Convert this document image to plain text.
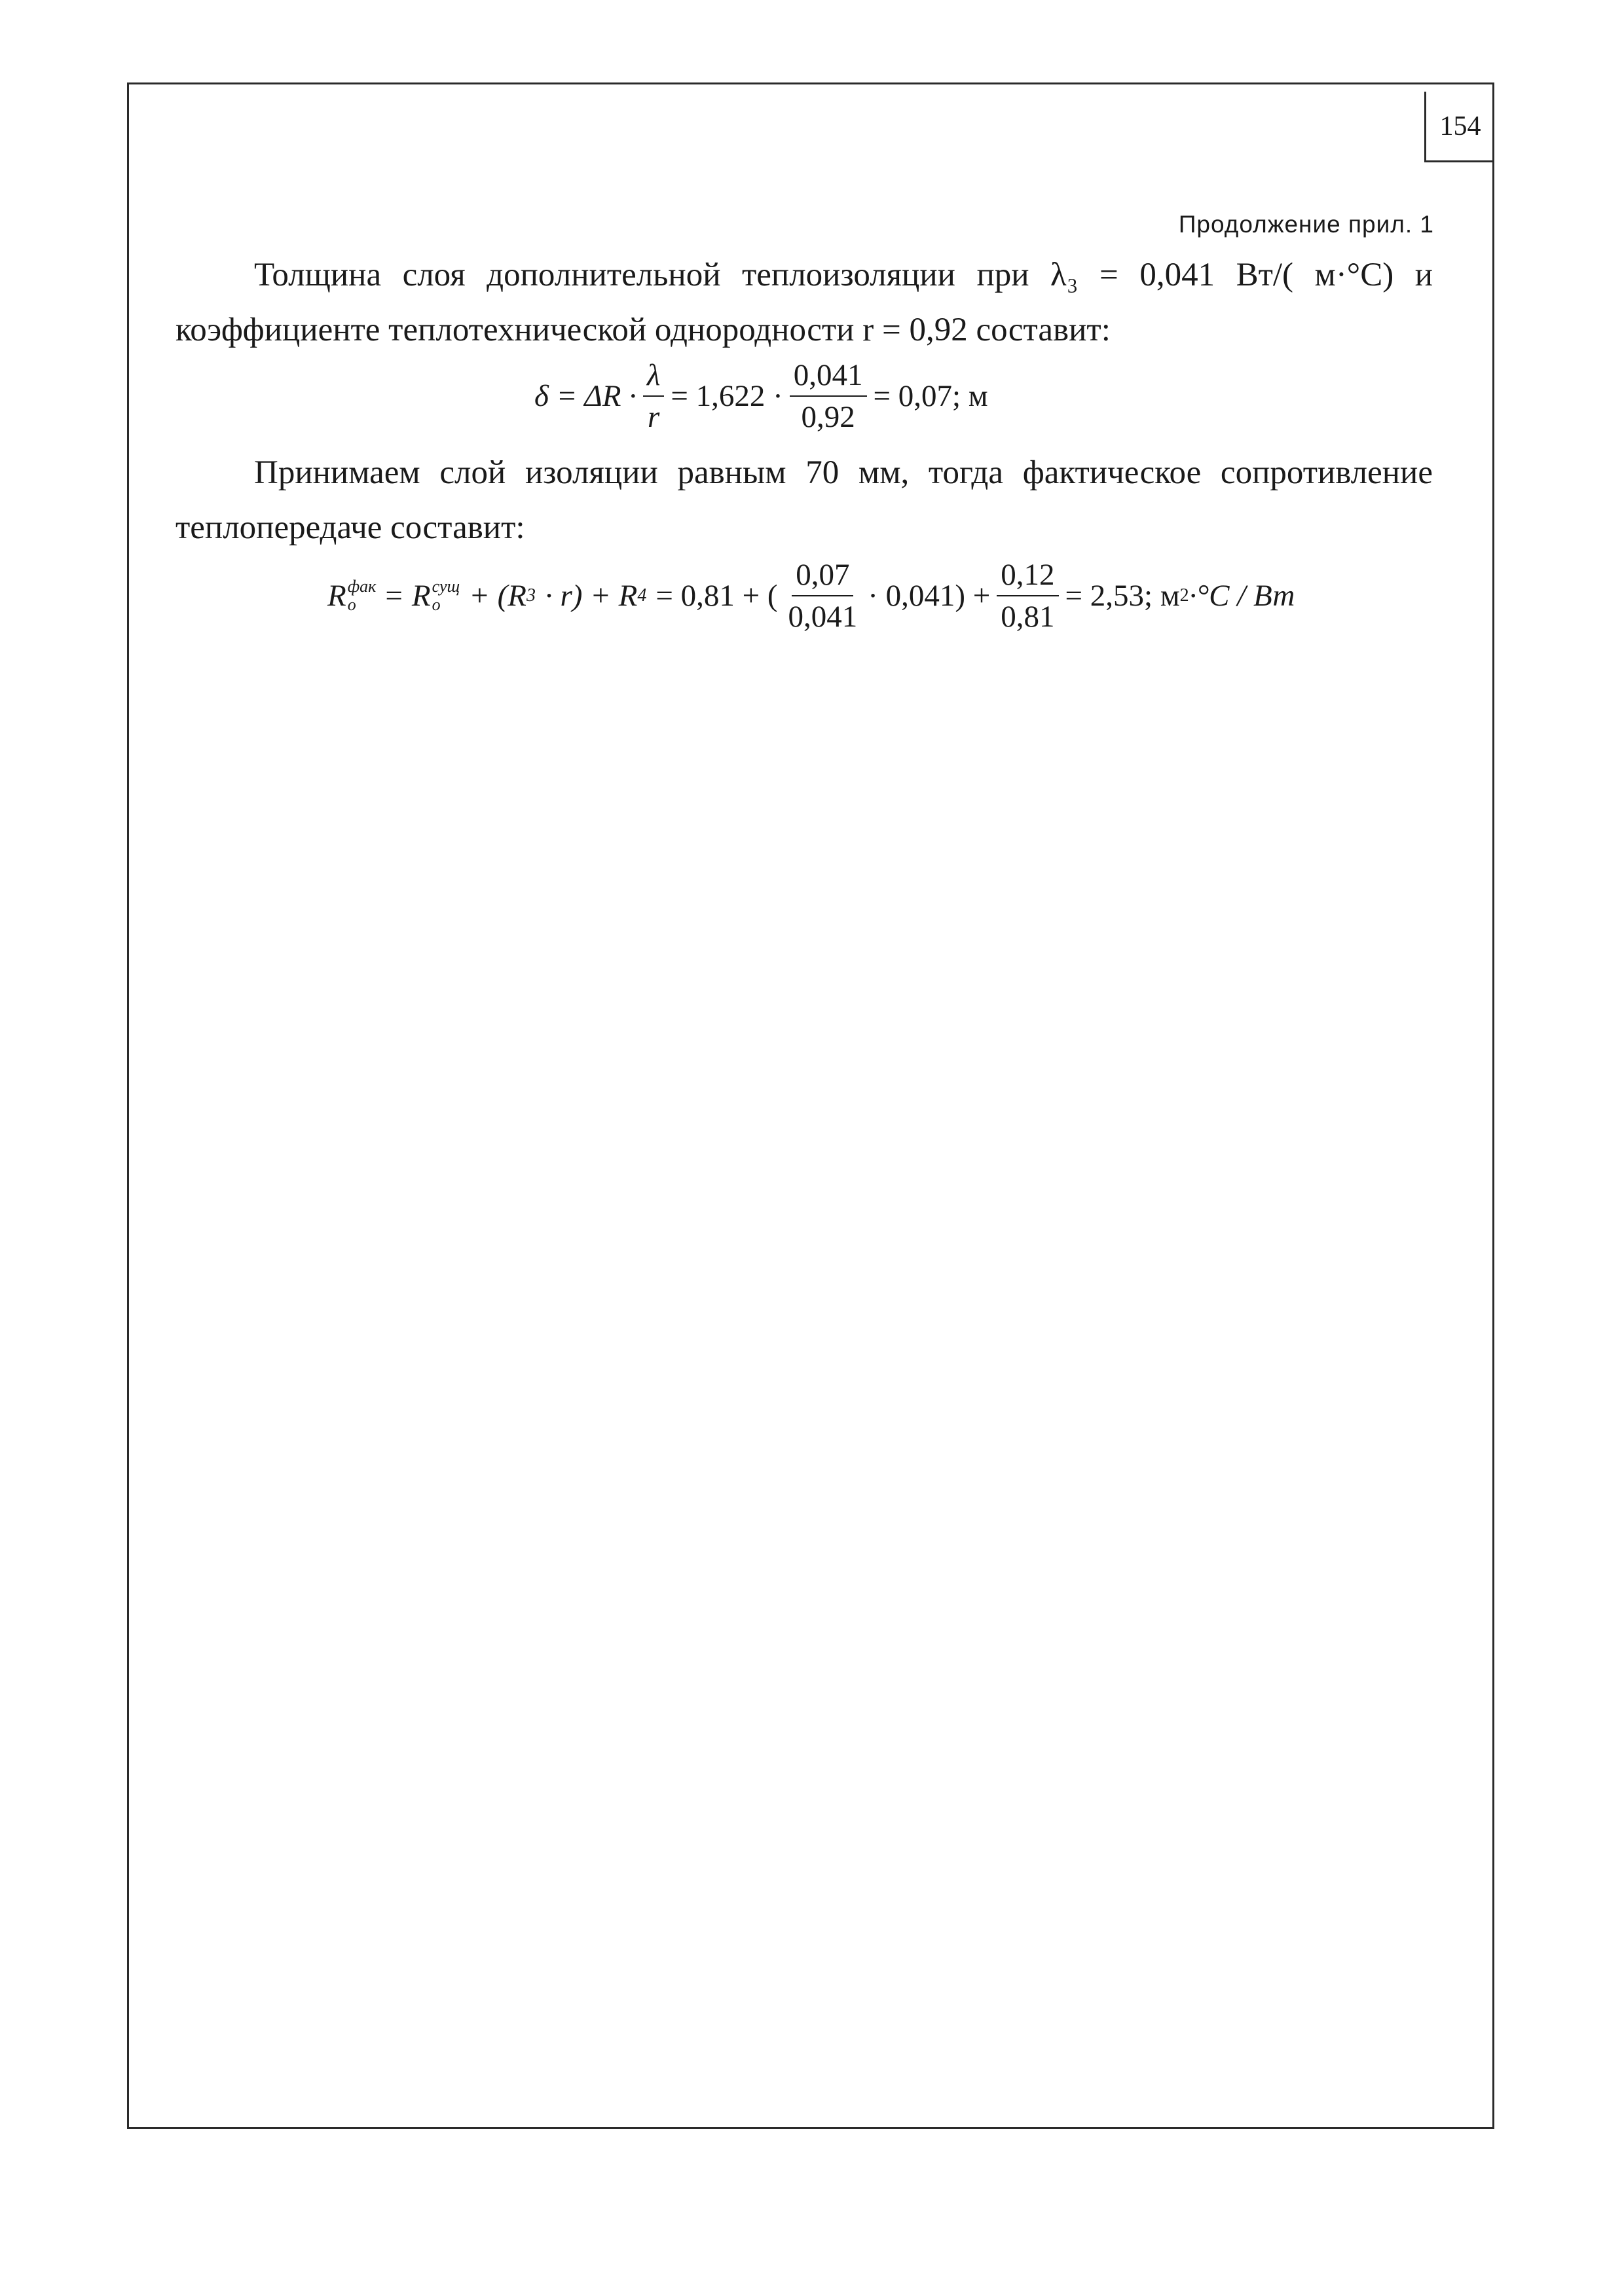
154
Продолжение прил. 1

Толщина слоя дополнительной теплоизоляции при λ₃ = 0,041 Вт/( м·°С) и коэффициенте теплотехнической однородности r = 0,92 составит:

$\delta = \Delta R \cdot \frac{\lambda}{r} = 1,622 \cdot \frac{0,041}{0,92} = 0,07$; м

Принимаем слой изоляции равным 70 мм, тогда фактическое сопротивление теплопередаче составит:

R фак
о = R сущ
о + (R 3 · r) + R 4 = 0,81 + ( $\frac{0,07}{0,041} \cdot 0,041) + \frac{0,12}{0,81} = 2,53$; м 2 ·°С / Вт
